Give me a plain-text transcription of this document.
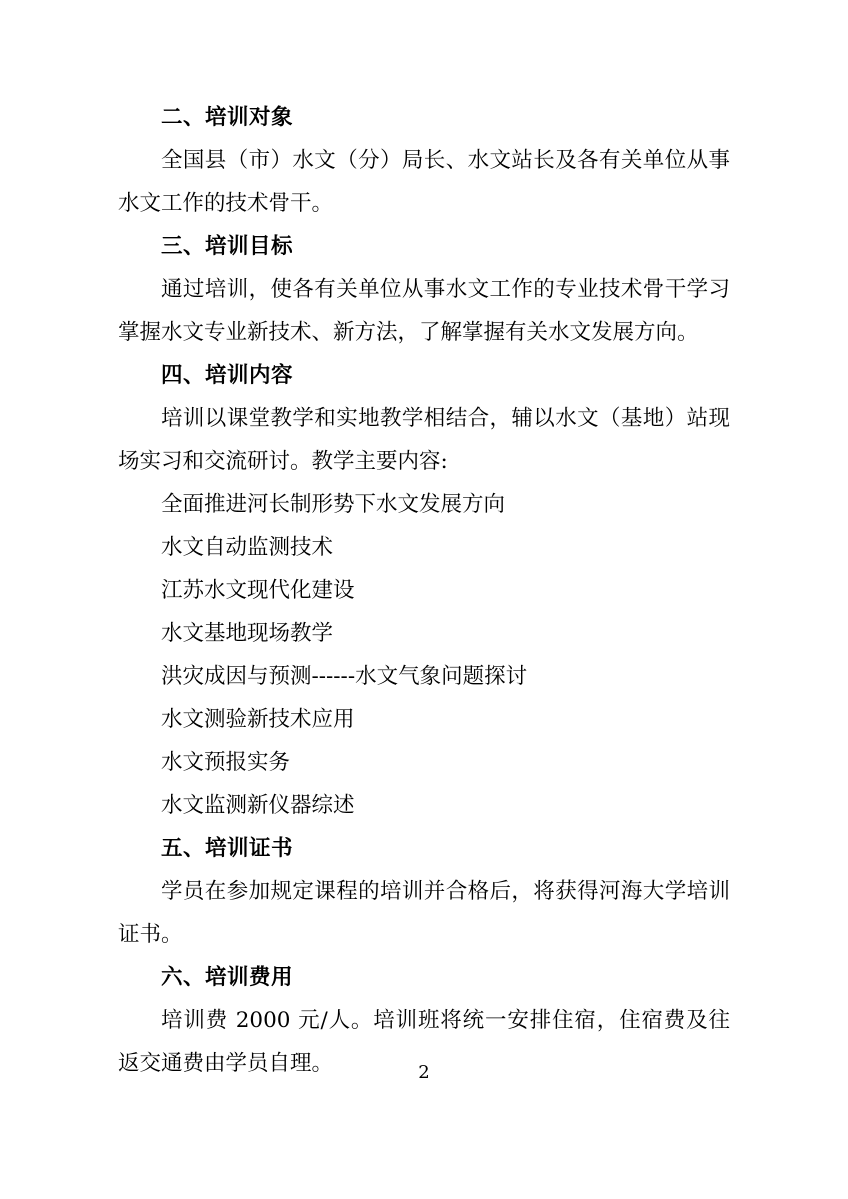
二、培训对象

全国县（市）水文（分）局长、水文站长及各有关单位从事水文工作的技术骨干。

三、培训目标

通过培训，使各有关单位从事水文工作的专业技术骨干学习掌握水文专业新技术、新方法，了解掌握有关水文发展方向。

四、培训内容

培训以课堂教学和实地教学相结合，辅以水文（基地）站现场实习和交流研讨。教学主要内容:

全面推进河长制形势下水文发展方向
水文自动监测技术
江苏水文现代化建设
水文基地现场教学
洪灾成因与预测------水文气象问题探讨
水文测验新技术应用
水文预报实务
水文监测新仪器综述

五、培训证书

学员在参加规定课程的培训并合格后，将获得河海大学培训证书。

六、培训费用

培训费 2000 元/人。培训班将统一安排住宿，住宿费及往返交通费由学员自理。	2
